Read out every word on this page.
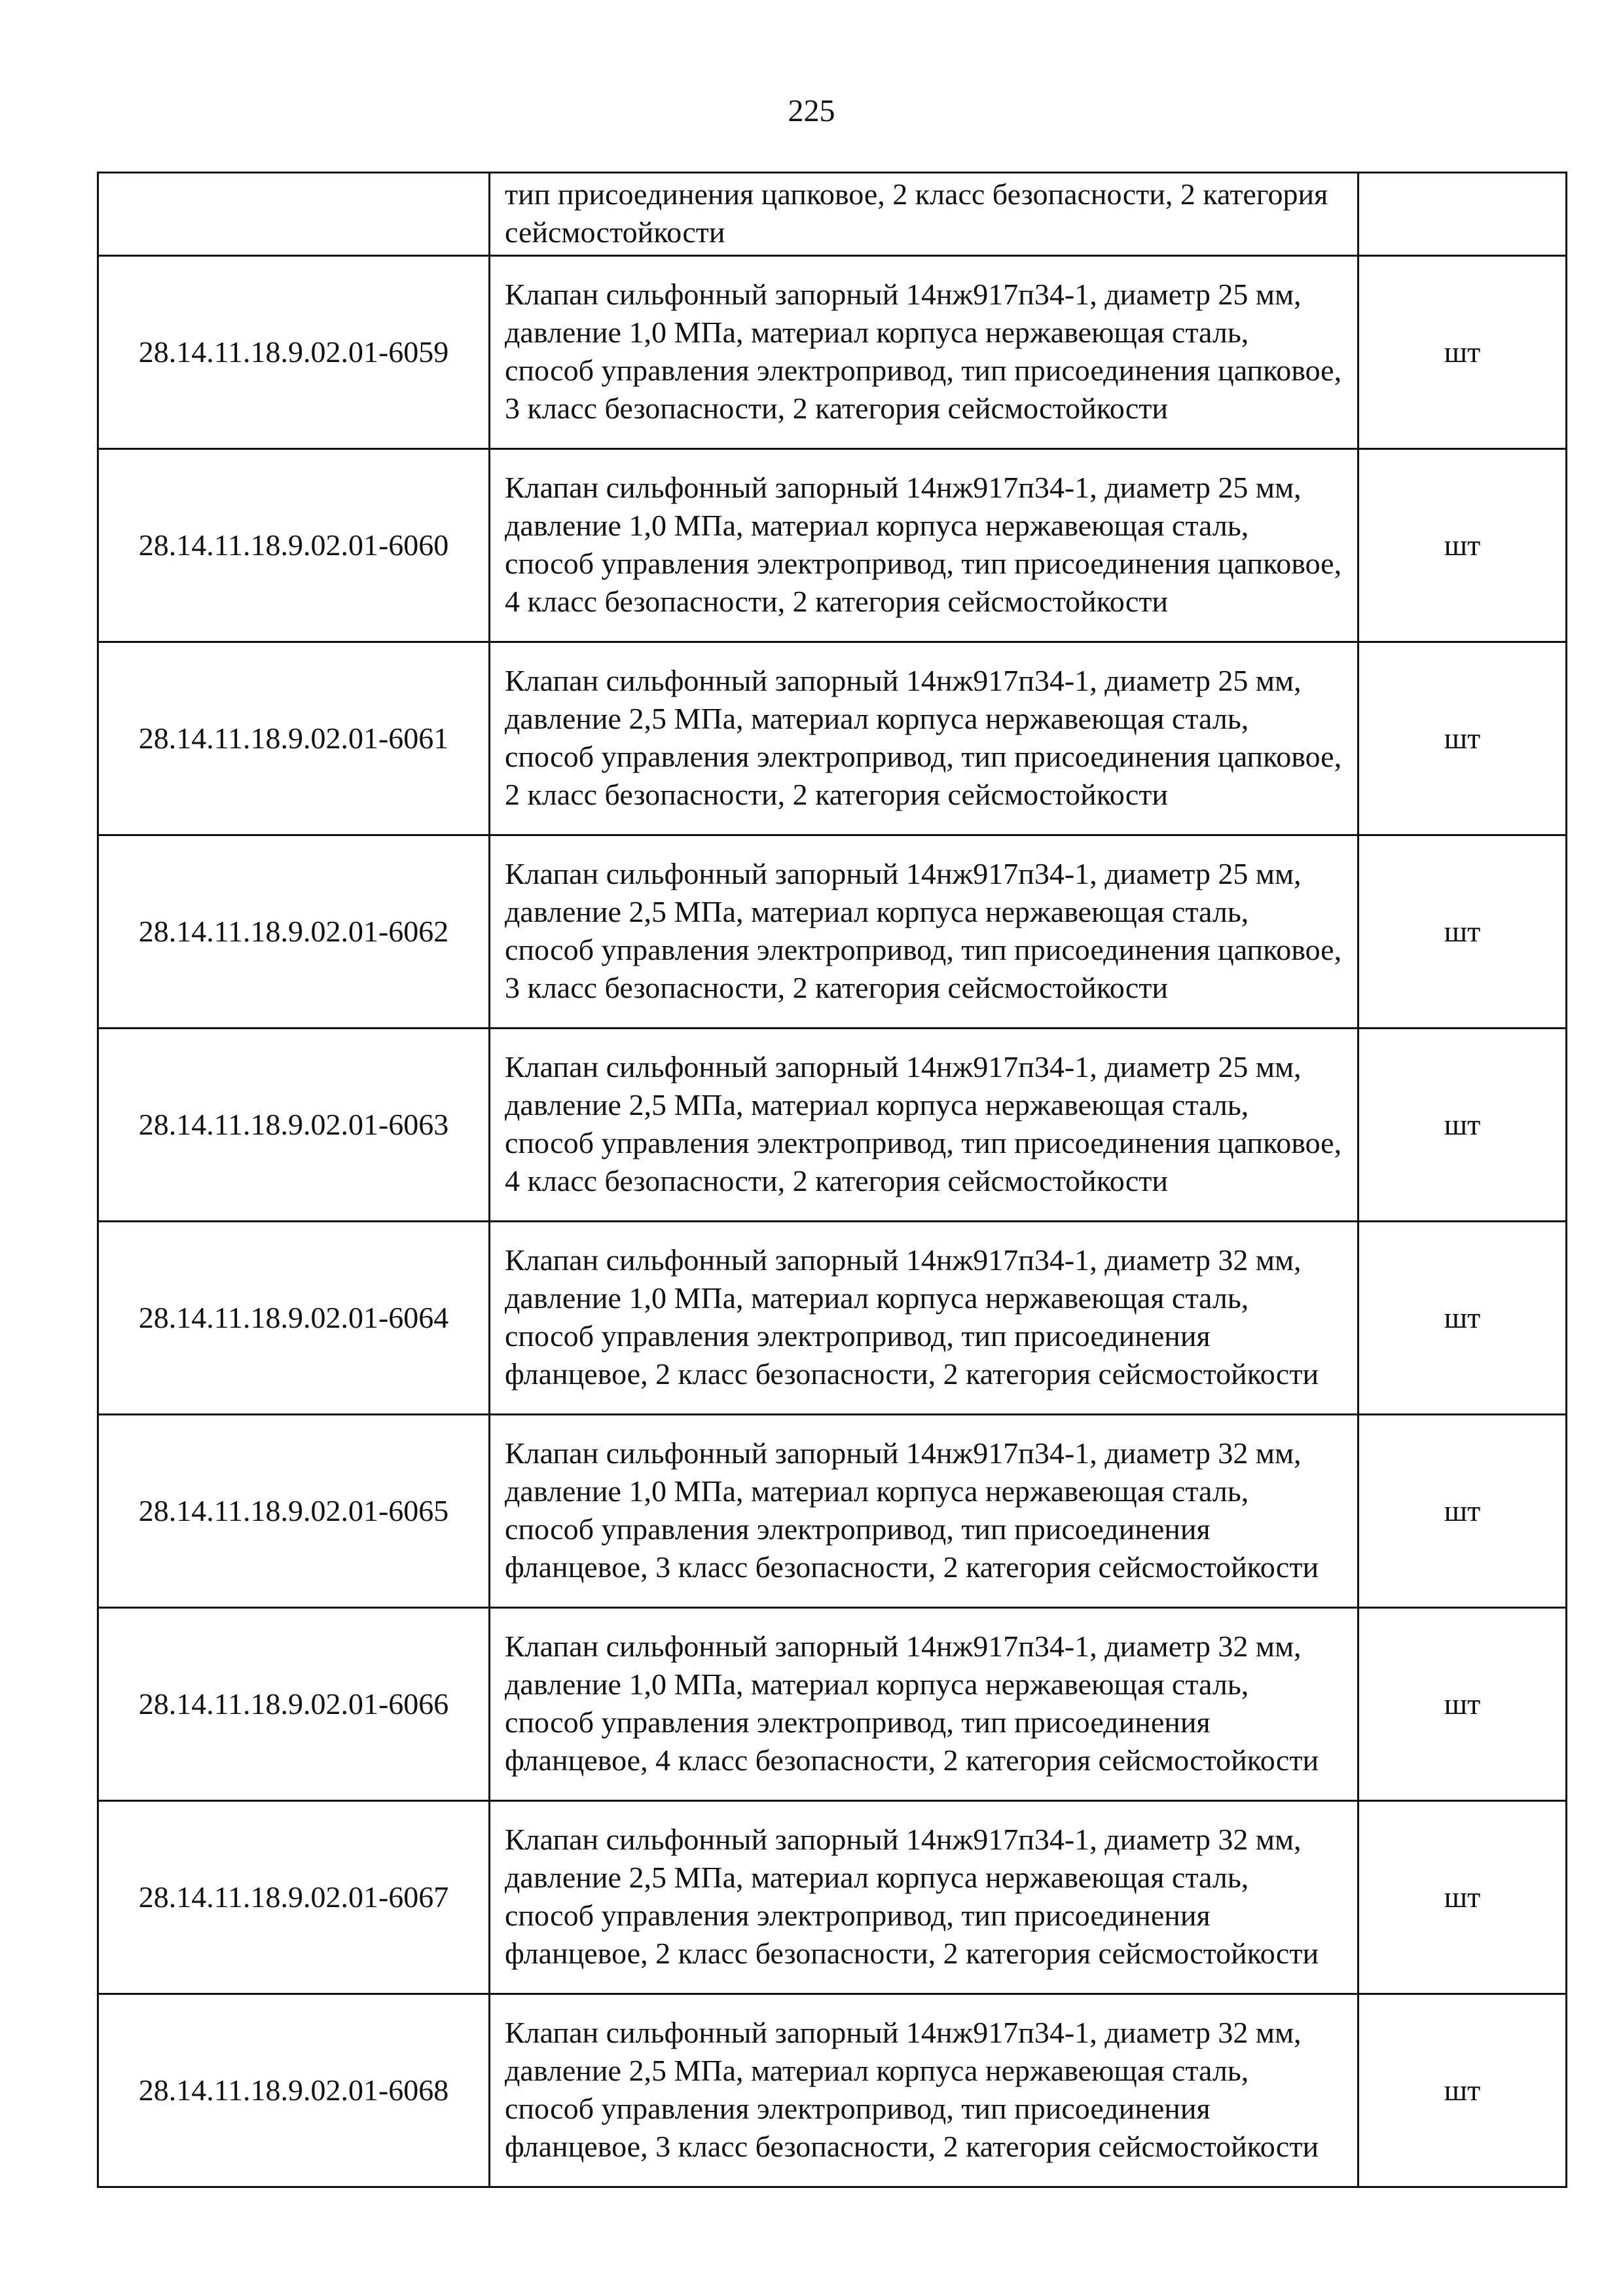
225
	тип присоединения цапковое, 2 класс безопасности, 2 категория сейсмостойкости	
28.14.11.18.9.02.01-6059	Клапан сильфонный запорный 14нж917п34-1, диаметр 25 мм, давление 1,0 МПа, материал корпуса нержавеющая сталь, способ управления электропривод, тип присоединения цапковое, 3 класс безопасности, 2 категория сейсмостойкости	шт
28.14.11.18.9.02.01-6060	Клапан сильфонный запорный 14нж917п34-1, диаметр 25 мм, давление 1,0 МПа, материал корпуса нержавеющая сталь, способ управления электропривод, тип присоединения цапковое, 4 класс безопасности, 2 категория сейсмостойкости	шт
28.14.11.18.9.02.01-6061	Клапан сильфонный запорный 14нж917п34-1, диаметр 25 мм, давление 2,5 МПа, материал корпуса нержавеющая сталь, способ управления электропривод, тип присоединения цапковое, 2 класс безопасности, 2 категория сейсмостойкости	шт
28.14.11.18.9.02.01-6062	Клапан сильфонный запорный 14нж917п34-1, диаметр 25 мм, давление 2,5 МПа, материал корпуса нержавеющая сталь, способ управления электропривод, тип присоединения цапковое, 3 класс безопасности, 2 категория сейсмостойкости	шт
28.14.11.18.9.02.01-6063	Клапан сильфонный запорный 14нж917п34-1, диаметр 25 мм, давление 2,5 МПа, материал корпуса нержавеющая сталь, способ управления электропривод, тип присоединения цапковое, 4 класс безопасности, 2 категория сейсмостойкости	шт
28.14.11.18.9.02.01-6064	Клапан сильфонный запорный 14нж917п34-1, диаметр 32 мм, давление 1,0 МПа, материал корпуса нержавеющая сталь, способ управления электропривод, тип присоединения фланцевое, 2 класс безопасности, 2 категория сейсмостойкости	шт
28.14.11.18.9.02.01-6065	Клапан сильфонный запорный 14нж917п34-1, диаметр 32 мм, давление 1,0 МПа, материал корпуса нержавеющая сталь, способ управления электропривод, тип присоединения фланцевое, 3 класс безопасности, 2 категория сейсмостойкости	шт
28.14.11.18.9.02.01-6066	Клапан сильфонный запорный 14нж917п34-1, диаметр 32 мм, давление 1,0 МПа, материал корпуса нержавеющая сталь, способ управления электропривод, тип присоединения фланцевое, 4 класс безопасности, 2 категория сейсмостойкости	шт
28.14.11.18.9.02.01-6067	Клапан сильфонный запорный 14нж917п34-1, диаметр 32 мм, давление 2,5 МПа, материал корпуса нержавеющая сталь, способ управления электропривод, тип присоединения фланцевое, 2 класс безопасности, 2 категория сейсмостойкости	шт
28.14.11.18.9.02.01-6068	Клапан сильфонный запорный 14нж917п34-1, диаметр 32 мм, давление 2,5 МПа, материал корпуса нержавеющая сталь, способ управления электропривод, тип присоединения фланцевое, 3 класс безопасности, 2 категория сейсмостойкости	шт
